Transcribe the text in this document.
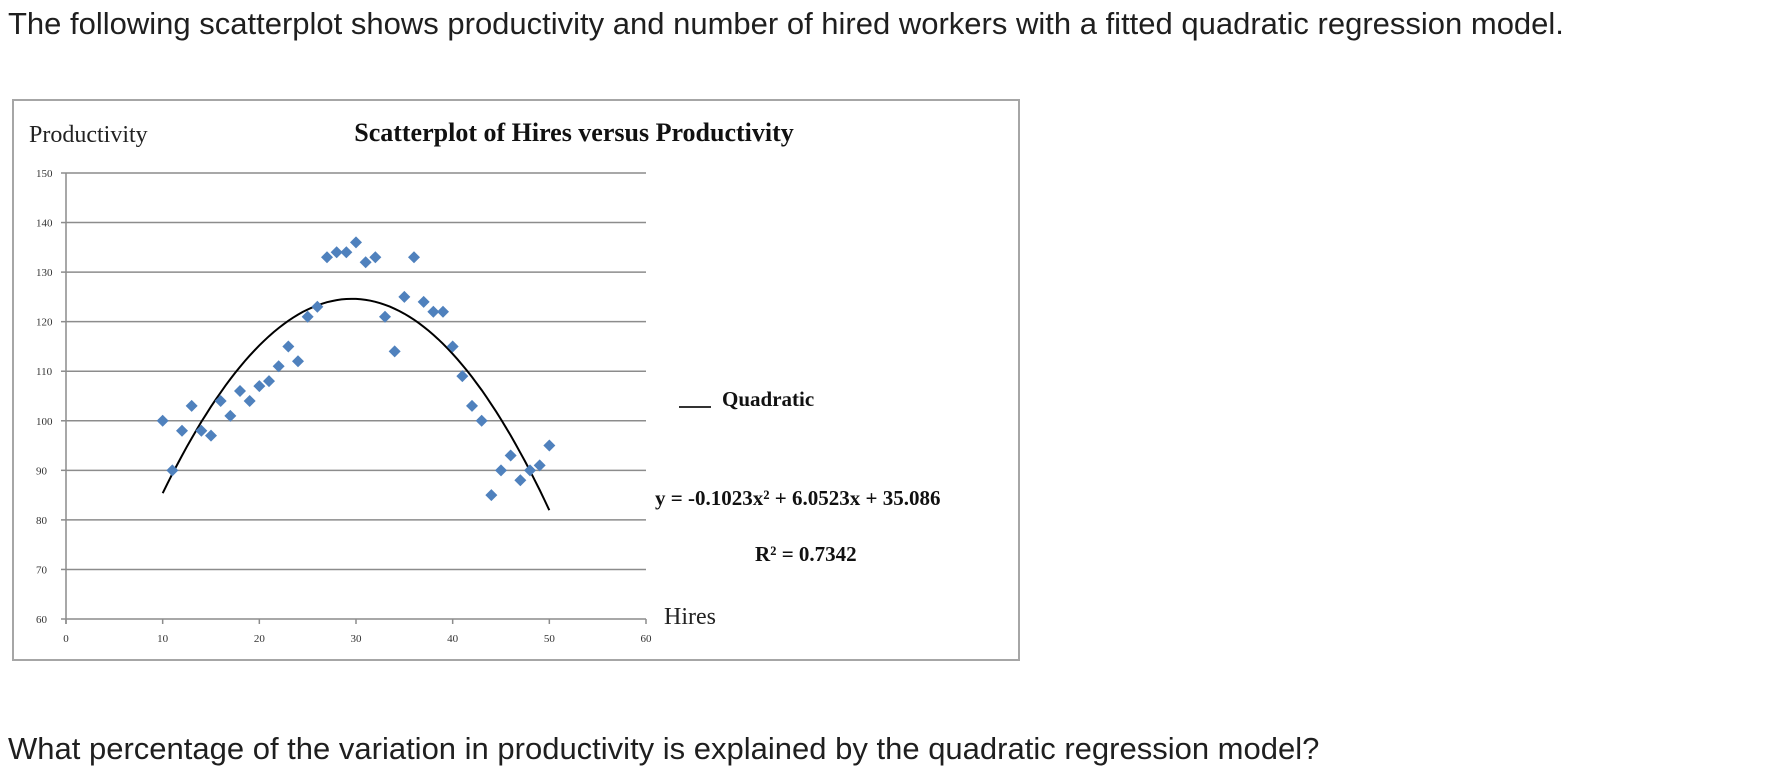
The following scatterplot shows productivity and number of hired workers with a fitted quadratic regression model.
60
70
80
90
100
110
120
130
140
150
0	10	20	30	40	50	60
Scatterplot of Hires versus Productivity
Productivity
Hires
Quadratic
y = -0.1023x² + 6.0523x + 35.086
R² = 0.7342
What percentage of the variation in productivity is explained by the quadratic regression model?
